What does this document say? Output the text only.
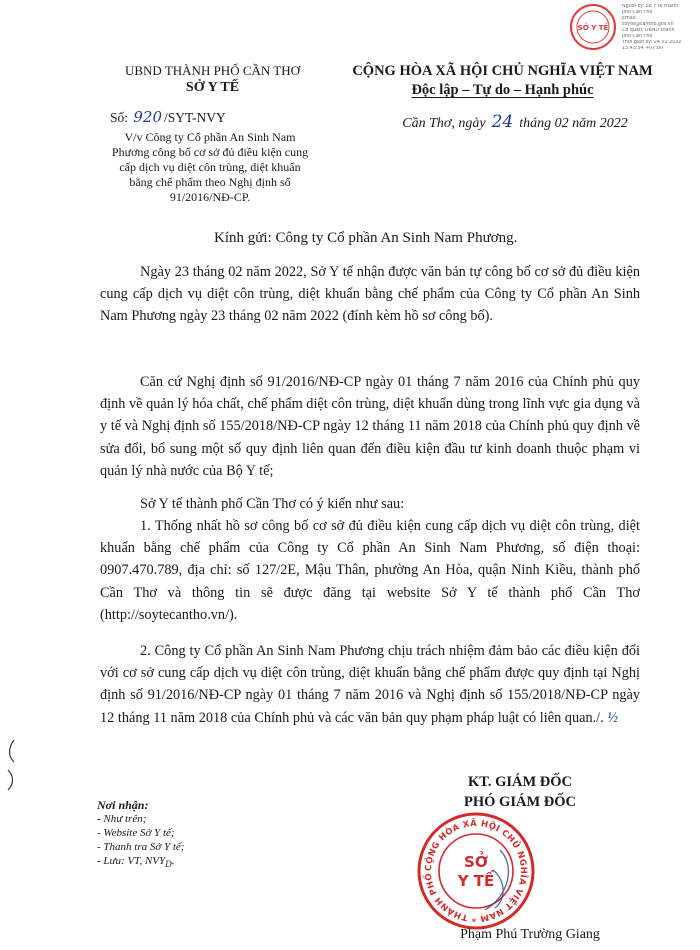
SỞ Y TẾ
Người ký: Sở Y tế thành
phố Cần Thơ
Email:
soyte@cantho.gov.vn
Cơ quan: UBND thành
phố Cần Thơ
Thời gian ký: 24.02.2022
15:43:54 +07:00
UBND THÀNH PHỐ CẦN THƠ
SỞ Y TẾ
Số: 920 /SYT-NVY
V/v Công ty Cổ phần An Sinh Nam Phương công bố cơ sở đủ điều kiện cung cấp dịch vụ diệt côn trùng, diệt khuẩn bằng chế phẩm theo Nghị định số 91/2016/NĐ-CP.
CỘNG HÒA XÃ HỘI CHỦ NGHĨA VIỆT NAM
Độc lập – Tự do – Hạnh phúc
Cần Thơ, ngày 24 tháng 02 năm 2022
Kính gửi: Công ty Cổ phần An Sinh Nam Phương.
Ngày 23 tháng 02 năm 2022, Sở Y tế nhận được văn bản tự công bố cơ sở đủ điều kiện cung cấp dịch vụ diệt côn trùng, diệt khuẩn bằng chế phẩm của Công ty Cổ phần An Sinh Nam Phương ngày 23 tháng 02 năm 2022 (đính kèm hồ sơ công bố).
Căn cứ Nghị định số 91/2016/NĐ-CP ngày 01 tháng 7 năm 2016 của Chính phủ quy định về quản lý hóa chất, chế phẩm diệt côn trùng, diệt khuẩn dùng trong lĩnh vực gia dụng và y tế và Nghị định số 155/2018/NĐ-CP ngày 12 tháng 11 năm 2018 của Chính phủ quy định về sửa đổi, bổ sung một số quy định liên quan đến điều kiện đầu tư kinh doanh thuộc phạm vi quản lý nhà nước của Bộ Y tế;
Sở Y tế thành phố Cần Thơ có ý kiến như sau:
1. Thống nhất hồ sơ công bố cơ sở đủ điều kiện cung cấp dịch vụ diệt côn trùng, diệt khuẩn bằng chế phẩm của Công ty Cổ phần An Sinh Nam Phương, số điện thoại: 0907.470.789, địa chỉ: số 127/2E, Mậu Thân, phường An Hòa, quận Ninh Kiều, thành phố Cần Thơ và thông tin sẽ được đăng tại website Sở Y tế thành phố Cần Thơ (http://soytecantho.vn/).
2. Công ty Cổ phần An Sinh Nam Phương chịu trách nhiệm đảm bảo các điều kiện đối với cơ sở cung cấp dịch vụ diệt côn trùng, diệt khuẩn bằng chế phẩm được quy định tại Nghị định số 91/2016/NĐ-CP ngày 01 tháng 7 năm 2016 và Nghị định số 155/2018/NĐ-CP ngày 12 tháng 11 năm 2018 của Chính phủ và các văn bản quy phạm pháp luật có liên quan./. ½
Nơi nhận:
- Như trên;
- Website Sở Y tế;
- Thanh tra Sở Y tế;
- Lưu: VT, $NVY_D$.
KT. GIÁM ĐỐC
PHÓ GIÁM ĐỐC
CỘNG HÒA XÃ HỘI CHỦ NGHĨA VIỆT NAM * THÀNH PHỐ
SỞ
Y TẾ
Phạm Phú Trường Giang
